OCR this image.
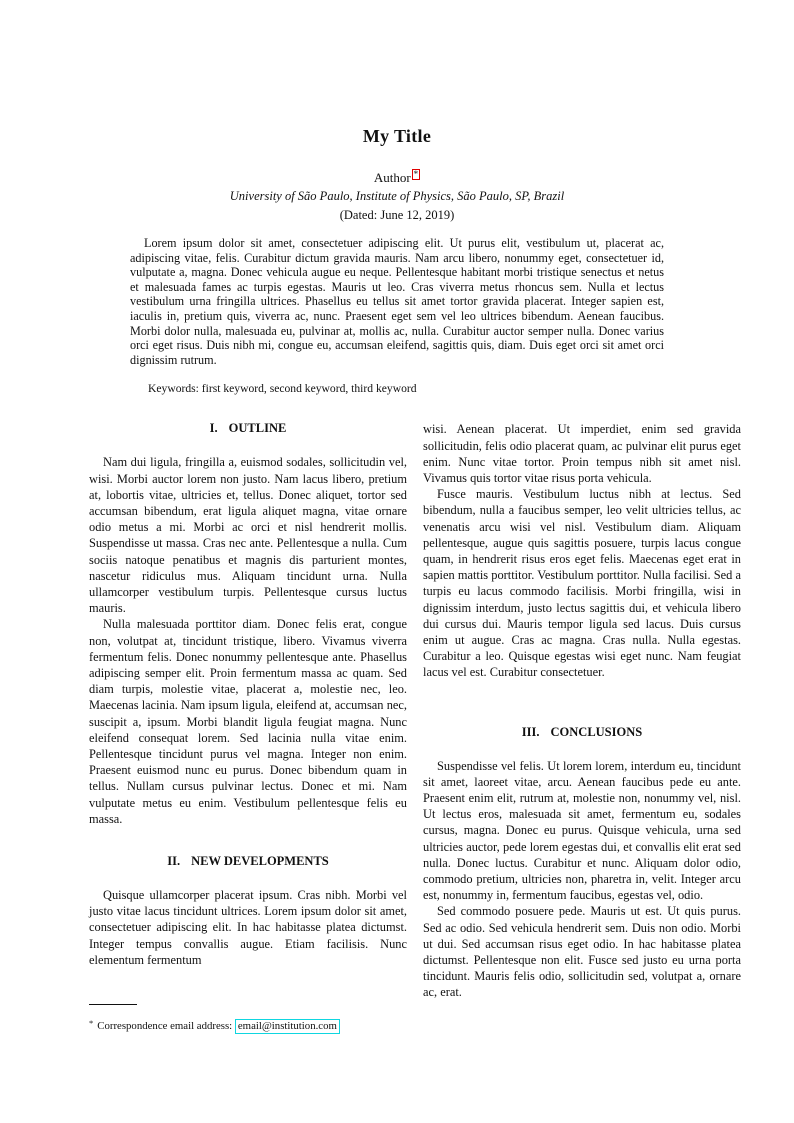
My Title
Author *
University of São Paulo, Institute of Physics, São Paulo, SP, Brazil
(Dated: June 12, 2019)

Lorem ipsum dolor sit amet, consectetuer adipiscing elit. Ut purus elit, vestibulum ut, placerat ac, adipiscing vitae, felis. Curabitur dictum gravida mauris. Nam arcu libero, nonummy eget, consectetuer id, vulputate a, magna. Donec vehicula augue eu neque. Pellentesque habitant morbi tristique senectus et netus et malesuada fames ac turpis egestas. Mauris ut leo. Cras viverra metus rhoncus sem. Nulla et lectus vestibulum urna fringilla ultrices. Phasellus eu tellus sit amet tortor gravida placerat. Integer sapien est, iaculis in, pretium quis, viverra ac, nunc. Praesent eget sem vel leo ultrices bibendum. Aenean faucibus. Morbi dolor nulla, malesuada eu, pulvinar at, mollis ac, nulla. Curabitur auctor semper nulla. Donec varius orci eget risus. Duis nibh mi, congue eu, accumsan eleifend, sagittis quis, diam. Duis eget orci sit amet orci dignissim rutrum.

Keywords: first keyword, second keyword, third keyword
I. OUTLINE

Nam dui ligula, fringilla a, euismod sodales, sollicitudin vel, wisi. Morbi auctor lorem non justo. Nam lacus libero, pretium at, lobortis vitae, ultricies et, tellus. Donec aliquet, tortor sed accumsan bibendum, erat ligula aliquet magna, vitae ornare odio metus a mi. Morbi ac orci et nisl hendrerit mollis. Suspendisse ut massa. Cras nec ante. Pellentesque a nulla. Cum sociis natoque penatibus et magnis dis parturient montes, nascetur ridiculus mus. Aliquam tincidunt urna. Nulla ullamcorper vestibulum turpis. Pellentesque cursus luctus mauris.

Nulla malesuada porttitor diam. Donec felis erat, congue non, volutpat at, tincidunt tristique, libero. Vivamus viverra fermentum felis. Donec nonummy pellentesque ante. Phasellus adipiscing semper elit. Proin fermentum massa ac quam. Sed diam turpis, molestie vitae, placerat a, molestie nec, leo. Maecenas lacinia. Nam ipsum ligula, eleifend at, accumsan nec, suscipit a, ipsum. Morbi blandit ligula feugiat magna. Nunc eleifend consequat lorem. Sed lacinia nulla vitae enim. Pellentesque tincidunt purus vel magna. Integer non enim. Praesent euismod nunc eu purus. Donec bibendum quam in tellus. Nullam cursus pulvinar lectus. Donec et mi. Nam vulputate metus eu enim. Vestibulum pellentesque felis eu massa.

II. NEW DEVELOPMENTS

Quisque ullamcorper placerat ipsum. Cras nibh. Morbi vel justo vitae lacus tincidunt ultrices. Lorem ipsum dolor sit amet, consectetuer adipiscing elit. In hac habitasse platea dictumst. Integer tempus convallis augue. Etiam facilisis. Nunc elementum fermentum

* Correspondence email address: email@institution.com

wisi. Aenean placerat. Ut imperdiet, enim sed gravida sollicitudin, felis odio placerat quam, ac pulvinar elit purus eget enim. Nunc vitae tortor. Proin tempus nibh sit amet nisl. Vivamus quis tortor vitae risus porta vehicula.

Fusce mauris. Vestibulum luctus nibh at lectus. Sed bibendum, nulla a faucibus semper, leo velit ultricies tellus, ac venenatis arcu wisi vel nisl. Vestibulum diam. Aliquam pellentesque, augue quis sagittis posuere, turpis lacus congue quam, in hendrerit risus eros eget felis. Maecenas eget erat in sapien mattis porttitor. Vestibulum porttitor. Nulla facilisi. Sed a turpis eu lacus commodo facilisis. Morbi fringilla, wisi in dignissim interdum, justo lectus sagittis dui, et vehicula libero dui cursus dui. Mauris tempor ligula sed lacus. Duis cursus enim ut augue. Cras ac magna. Cras nulla. Nulla egestas. Curabitur a leo. Quisque egestas wisi eget nunc. Nam feugiat lacus vel est. Curabitur consectetuer.

III. CONCLUSIONS

Suspendisse vel felis. Ut lorem lorem, interdum eu, tincidunt sit amet, laoreet vitae, arcu. Aenean faucibus pede eu ante. Praesent enim elit, rutrum at, molestie non, nonummy vel, nisl. Ut lectus eros, malesuada sit amet, fermentum eu, sodales cursus, magna. Donec eu purus. Quisque vehicula, urna sed ultricies auctor, pede lorem egestas dui, et convallis elit erat sed nulla. Donec luctus. Curabitur et nunc. Aliquam dolor odio, commodo pretium, ultricies non, pharetra in, velit. Integer arcu est, nonummy in, fermentum faucibus, egestas vel, odio.

Sed commodo posuere pede. Mauris ut est. Ut quis purus. Sed ac odio. Sed vehicula hendrerit sem. Duis non odio. Morbi ut dui. Sed accumsan risus eget odio. In hac habitasse platea dictumst. Pellentesque non elit. Fusce sed justo eu urna porta tincidunt. Mauris felis odio, sollicitudin sed, volutpat a, ornare ac, erat.
